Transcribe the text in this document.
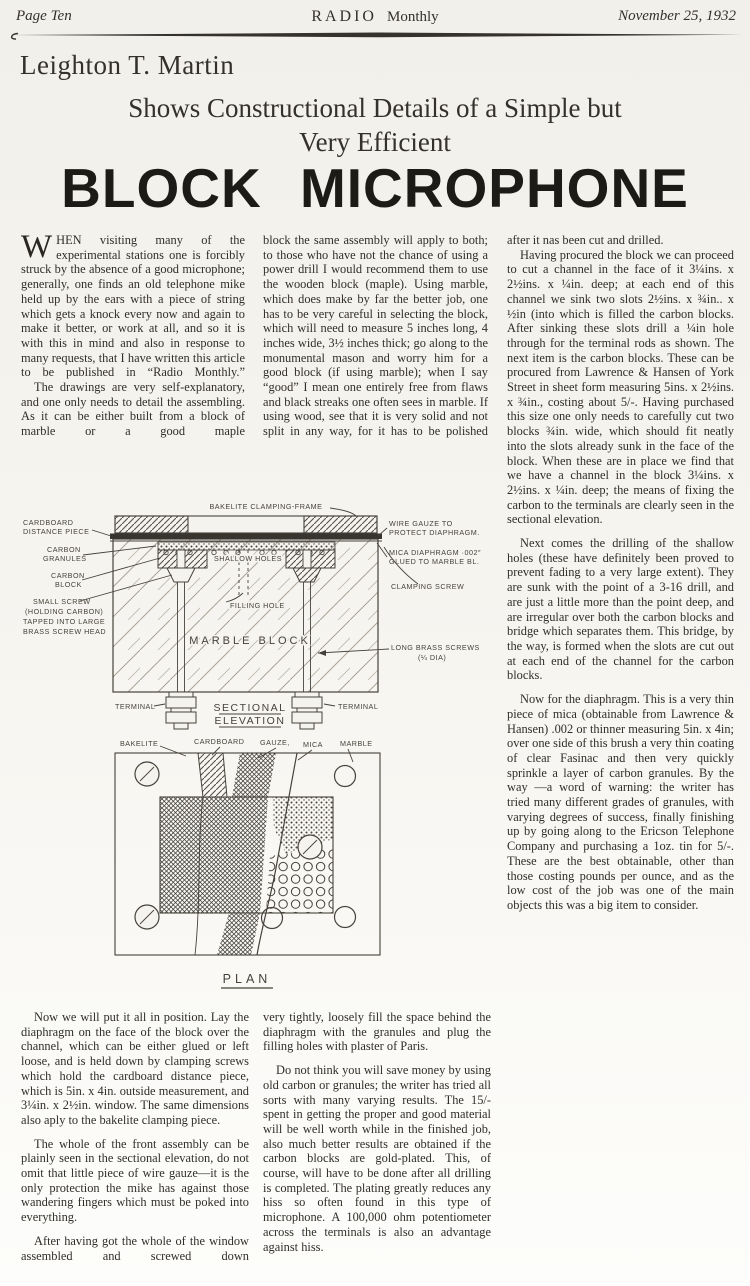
Page Ten	RADIO Monthly	November 25, 1932
Leighton T. Martin
Shows Constructional Details of a Simple but
Very Efficient
BLOCK MICROPHONE

WHEN visiting many of the experimental stations one is forcibly struck by the absence of a good microphone; generally, one finds an old telephone mike held up by the ears with a piece of string which gets a knock every now and again to make it better, or work at all, and so it is with this in mind and also in response to many requests, that I have written this article to be published in “Radio Monthly.”

The drawings are very self-explanatory, and one only needs to detail the assembling. As it can be either built from a block of marble or a good maple

block the same assembly will apply to both; to those who have not the chance of using a power drill I would recommend them to use the wooden block (maple). Using marble, which does make by far the better job, one has to be very careful in selecting the block, which will need to measure 5 inches long, 4 inches wide, 3½ inches thick; go along to the monumental mason and worry him for a good block (if using marble); when I say “good” I mean one entirely free from flaws and black streaks one often sees in marble. If using wood, see that it is very solid and not split in any way, for it has to be polished

after it nas been cut and drilled.

Having procured the block we can proceed to cut a channel in the face of it 3¼ins. x 2½ins. x ¼in. deep; at each end of this channel we sink two slots 2½ins. x ¾in.. x ½in (into which is filled the carbon blocks. After sinking these slots drill a ¼in hole through for the terminal rods as shown. The next item is the carbon blocks. These can be procured from Lawrence & Hansen of York Street in sheet form measuring 5ins. x 2½ins. x ¾in., costing about 5/-. Having purchased this size one only needs to carefully cut two blocks ¾in. wide, which should fit neatly into the slots already sunk in the face of the block. When these are in place we find that we have a channel in the block 3¼ins. x 2½ins. x ¼in. deep; the means of fixing the carbon to the terminals are clearly seen in the sectional elevation.

Next comes the drilling of the shallow holes (these have definitely been proved to prevent fading to a very large extent). They are sunk with the point of a 3-16 drill, and are just a little more than the point deep, and are irregular over both the carbon blocks and bridge which separates them. This bridge, by the way, is formed when the slots are cut out at each end of the channel for the carbon blocks.

Now for the diaphragm. This is a very thin piece of mica (obtainable from Lawrence & Hansen) .002 or thinner measuring 5in. x 4in; over one side of this brush a very thin coating of clear Fasinac and then very quickly sprinkle a layer of carbon granules. By the way —a word of warning: the writer has tried many different grades of granules, with varying degrees of success, finally finishing up by going along to the Ericson Telephone Company and purchasing a 1oz. tin for 5/-. These are the best obtainable, other than those costing pounds per ounce, and as the low cost of the job was one of the main objects this was a big item to consider.

BAKELITE CLAMPING-FRAME
CARDBOARD
DISTANCE PIECE
CARBON
GRANULES
CARBON
BLOCK
SMALL SCREW
(HOLDING CARBON)
TAPPED INTO LARGE
BRASS SCREW HEAD
WIRE GAUZE TO
PROTECT DIAPHRAGM.
MICA DIAPHRAGM ·002″
GLUED TO MARBLE BL.
CLAMPING SCREW
SHALLOW HOLES
FILLING HOLE
MARBLE BLOCK
LONG BRASS SCREWS
(¼ DIA)
TERMINAL	TERMINAL
SECTIONAL
ELEVATION
BAKELITE	CARDBOARD GAUZE, MICA MARBLE
PLAN

Now we will put it all in position. Lay the diaphragm on the face of the block over the channel, which can be either glued or left loose, and is held down by clamping screws which hold the cardboard distance piece, which is 5in. x 4in. outside measurement, and 3¼in. x 2½in. window. The same dimensions also aply to the bakelite clamping piece.

The whole of the front assembly can be plainly seen in the sectional elevation, do not omit that little piece of wire gauze—it is the only protection the mike has against those wandering fingers which must be poked into everything.

After having got the whole of the window assembled and screwed down

very tightly, loosely fill the space behind the diaphragm with the granules and plug the filling holes with plaster of Paris.

Do not think you will save money by using old carbon or granules; the writer has tried all sorts with many varying results. The 15/- spent in getting the proper and good material will be well worth while in the finished job, also much better results are obtained if the carbon blocks are gold-plated. This, of course, will have to be done after all drilling is completed. The plating greatly reduces any hiss so often found in this type of microphone. A 100,000 ohm potentiometer across the terminals is also an advantage against hiss.
